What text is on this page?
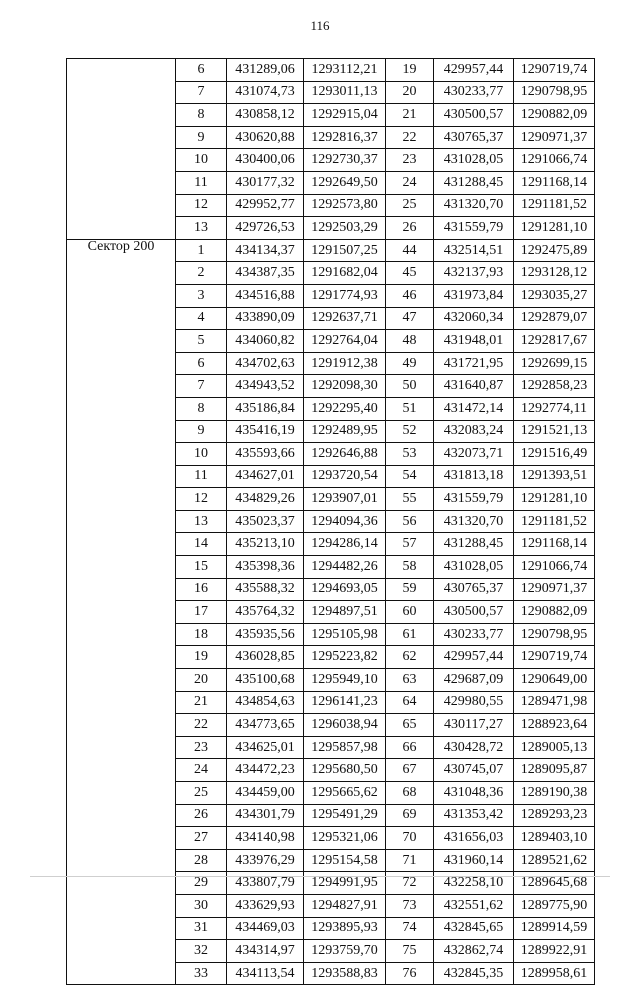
116
	6	431289,06	1293112,21	19	429957,44	1290719,74
	7	431074,73	1293011,13	20	430233,77	1290798,95
	8	430858,12	1292915,04	21	430500,57	1290882,09
	9	430620,88	1292816,37	22	430765,37	1290971,37
	10	430400,06	1292730,37	23	431028,05	1291066,74
	11	430177,32	1292649,50	24	431288,45	1291168,14
	12	429952,77	1292573,80	25	431320,70	1291181,52
	13	429726,53	1292503,29	26	431559,79	1291281,10
Сектор 200	1	434134,37	1291507,25	44	432514,51	1292475,89
	2	434387,35	1291682,04	45	432137,93	1293128,12
	3	434516,88	1291774,93	46	431973,84	1293035,27
	4	433890,09	1292637,71	47	432060,34	1292879,07
	5	434060,82	1292764,04	48	431948,01	1292817,67
	6	434702,63	1291912,38	49	431721,95	1292699,15
	7	434943,52	1292098,30	50	431640,87	1292858,23
	8	435186,84	1292295,40	51	431472,14	1292774,11
	9	435416,19	1292489,95	52	432083,24	1291521,13
	10	435593,66	1292646,88	53	432073,71	1291516,49
	11	434627,01	1293720,54	54	431813,18	1291393,51
	12	434829,26	1293907,01	55	431559,79	1291281,10
	13	435023,37	1294094,36	56	431320,70	1291181,52
	14	435213,10	1294286,14	57	431288,45	1291168,14
	15	435398,36	1294482,26	58	431028,05	1291066,74
	16	435588,32	1294693,05	59	430765,37	1290971,37
	17	435764,32	1294897,51	60	430500,57	1290882,09
	18	435935,56	1295105,98	61	430233,77	1290798,95
	19	436028,85	1295223,82	62	429957,44	1290719,74
	20	435100,68	1295949,10	63	429687,09	1290649,00
	21	434854,63	1296141,23	64	429980,55	1289471,98
	22	434773,65	1296038,94	65	430117,27	1288923,64
	23	434625,01	1295857,98	66	430428,72	1289005,13
	24	434472,23	1295680,50	67	430745,07	1289095,87
	25	434459,00	1295665,62	68	431048,36	1289190,38
	26	434301,79	1295491,29	69	431353,42	1289293,23
	27	434140,98	1295321,06	70	431656,03	1289403,10
	28	433976,29	1295154,58	71	431960,14	1289521,62
	29	433807,79	1294991,95	72	432258,10	1289645,68
	30	433629,93	1294827,91	73	432551,62	1289775,90
	31	434469,03	1293895,93	74	432845,65	1289914,59
	32	434314,97	1293759,70	75	432862,74	1289922,91
	33	434113,54	1293588,83	76	432845,35	1289958,61
